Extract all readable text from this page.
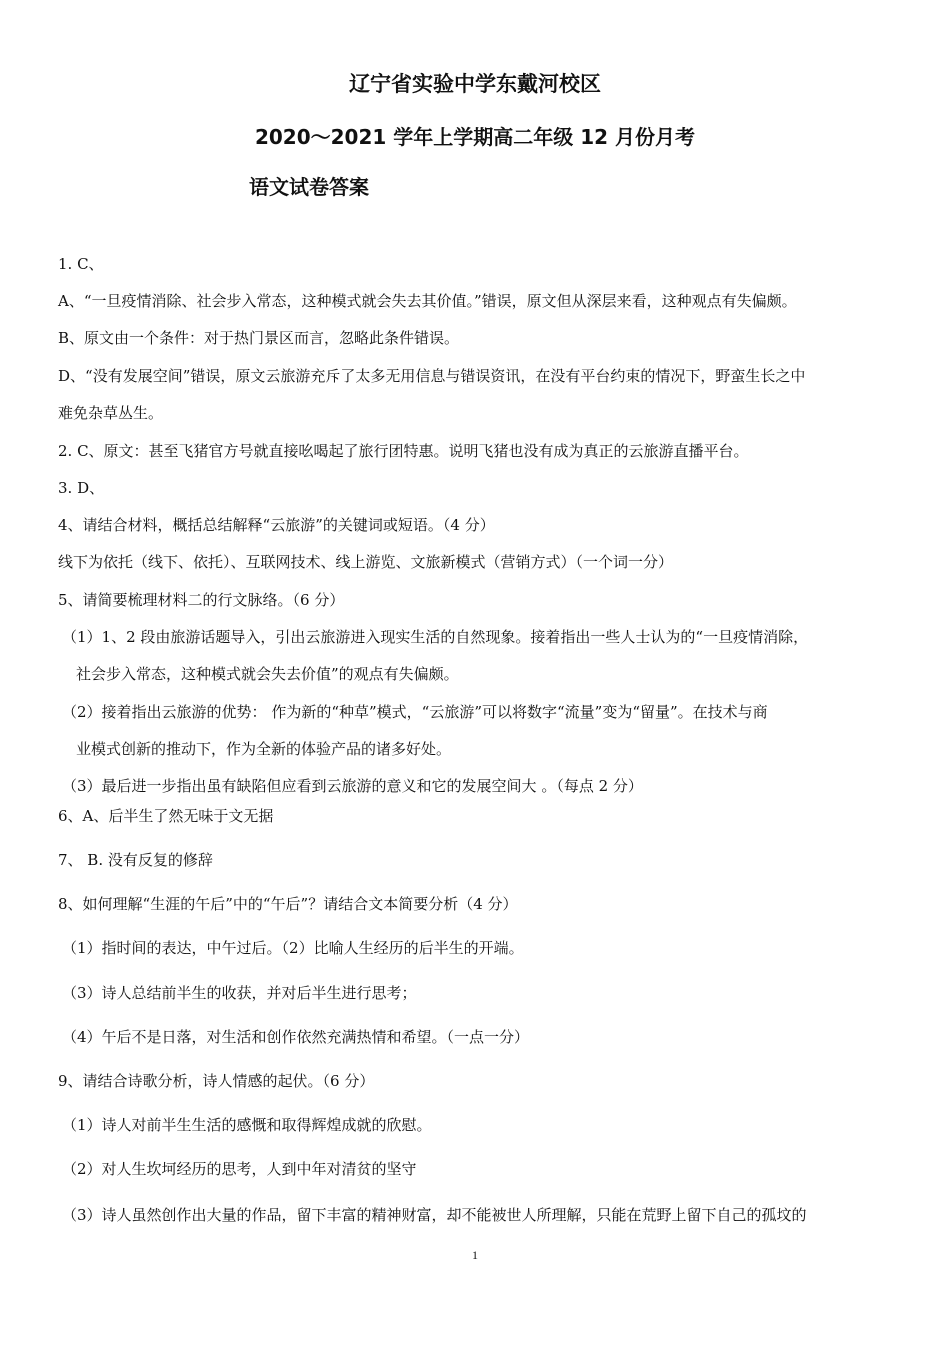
辽宁省实验中学东戴河校区
2020～2021 学年上学期高二年级 12 月份月考
语文试卷答案
1. C、
A、“一旦疫情消除、社会步入常态，这种模式就会失去其价值。”错误，原文但从深层来看，这种观点有失偏颇。
B、原文由一个条件：对于热门景区而言，忽略此条件错误。
D、“没有发展空间”错误，原文云旅游充斥了太多无用信息与错误资讯，在没有平台约束的情况下，野蛮生长之中
难免杂草丛生。
2. C、原文：甚至飞猪官方号就直接吆喝起了旅行团特惠。说明飞猪也没有成为真正的云旅游直播平台。
3. D、
4、请结合材料，概括总结解释“云旅游”的关键词或短语。（4 分）
线下为依托（线下、依托）、互联网技术、线上游览、文旅新模式（营销方式）（一个词一分）
5、请简要梳理材料二的行文脉络。（6 分）
（1）1、2 段由旅游话题导入，引出云旅游进入现实生活的自然现象。接着指出一些人士认为的“一旦疫情消除，
社会步入常态，这种模式就会失去价值”的观点有失偏颇。
（2）接着指出云旅游的优势： 作为新的“种草”模式，“云旅游”可以将数字“流量”变为“留量”。在技术与商
业模式创新的推动下，作为全新的体验产品的诸多好处。
（3）最后进一步指出虽有缺陷但应看到云旅游的意义和它的发展空间大 。（每点 2 分）
6、A、后半生了然无味于文无据
7、 B. 没有反复的修辞
8、如何理解“生涯的午后”中的“午后”？请结合文本简要分析（4 分）
（1）指时间的表达，中午过后。（2）比喻人生经历的后半生的开端。
（3）诗人总结前半生的收获，并对后半生进行思考；
（4）午后不是日落，对生活和创作依然充满热情和希望。（一点一分）
9、请结合诗歌分析，诗人情感的起伏。（6 分）
（1）诗人对前半生生活的感慨和取得辉煌成就的欣慰。
（2）对人生坎坷经历的思考，人到中年对清贫的坚守
（3）诗人虽然创作出大量的作品，留下丰富的精神财富，却不能被世人所理解，只能在荒野上留下自己的孤坟的
1
